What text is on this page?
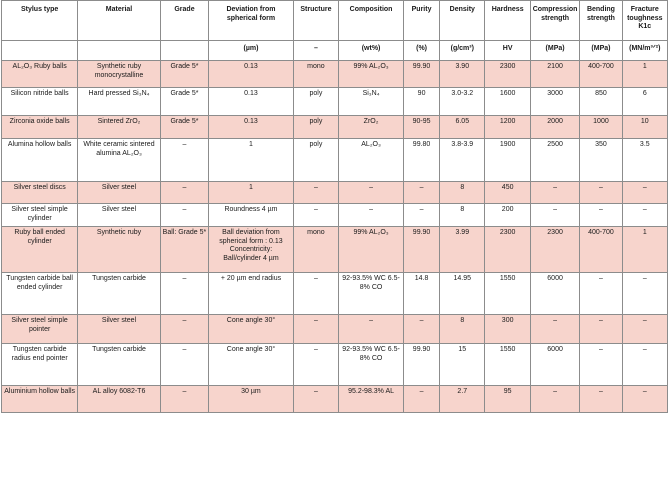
Stylus type	Material	Grade	Deviation from spherical form	Structure	Composition	Purity	Density	Hardness	Compression strength	Bending strength	Fracture toughness K1c
			(µm)	–	(wt%)	(%)	(g/cm³)	HV	(MPa)	(MPa)	(MN/m³ᐟ²)
AL₂O₃ Ruby balls	Synthetic ruby monocrystalline	Grade 5*	0.13	mono	99% AL₂O₃	99.90	3.90	2300	2100	400-700	1
Silicon nitride balls	Hard pressed Si₃N₄	Grade 5*	0.13	poly	Si₃N₄	90	3.0-3.2	1600	3000	850	6
Zirconia oxide balls	Sintered ZrO₂	Grade 5*	0.13	poly	ZrO₂	90-95	6.05	1200	2000	1000	10
Alumina hollow balls	White ceramic sintered alumina AL₂O₃	–	1	poly	AL₂O₃	99.80	3.8-3.9	1900	2500	350	3.5
Silver steel discs	Silver steel	–	1	–	–	–	8	450	–	–	–
Silver steel simple cylinder	Silver steel	–	Roundness 4 µm	–	–	–	8	200	–	–	–
Ruby ball ended cylinder	Synthetic ruby	Ball: Grade 5*	Ball deviation from spherical form : 0.13 Concentricity: Ball/cylinder 4 µm	mono	99% AL₂O₃	99.90	3.99	2300	2300	400-700	1
Tungsten carbide ball ended cylinder	Tungsten carbide	–	+ 20 µm end radius	–	92-93.5% WC 6.5-8% CO	14.8	14.95	1550	6000	–	–
Silver steel simple pointer	Silver steel	–	Cone angle 30°	–	–	–	8	300	–	–	–
Tungsten carbide radius end pointer	Tungsten carbide	–	Cone angle 30°	–	92-93.5% WC 6.5-8% CO	99.90	15	1550	6000	–	–
Aluminium hollow balls	AL alloy 6082-T6	–	30 µm	–	95.2-98.3% AL	–	2.7	95	–	–	–
